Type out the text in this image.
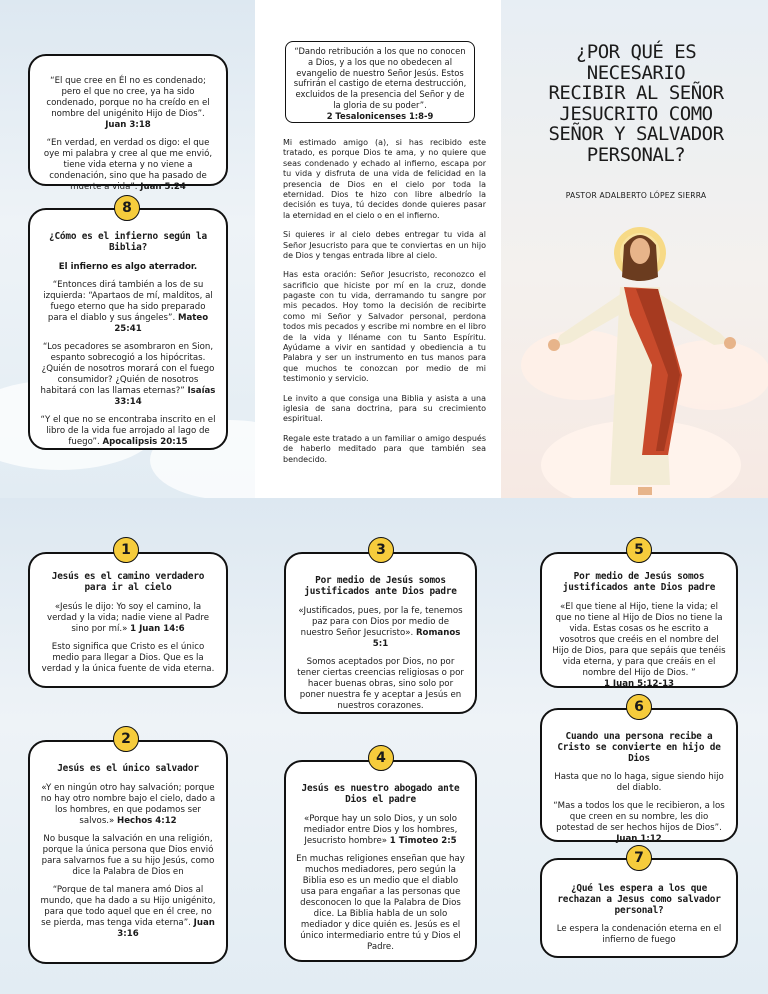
“El que cree en Él no es condenado; pero el que no cree, ya ha sido condenado, porque no ha creído en el nombre del unigénito Hijo de Dios”. Juan 3:18

“En verdad, en verdad os digo: el que oye mi palabra y cree al que me envió, tiene vida eterna y no viene a condenación, sino que ha pasado de muerte a vida”. Juan 5:24

8
¿Cómo es el infierno según la Biblia?

El infierno es algo aterrador.

“Entonces dirá también a los de su izquierda: “Apartaos de mí, malditos, al fuego eterno que ha sido preparado para el diablo y sus ángeles”. Mateo 25:41

“Los pecadores se asombraron en Sion, espanto sobrecogió a los hipócritas. ¿Quién de nosotros morará con el fuego consumidor? ¿Quién de nosotros habitará con las llamas eternas?” Isaías 33:14

“Y el que no se encontraba inscrito en el libro de la vida fue arrojado al lago de fuego”. Apocalipsis 20:15

“Dando retribución a los que no conocen a Dios, y a los que no obedecen al evangelio de nuestro Señor Jesús. Estos sufrirán el castigo de eterna destrucción, excluidos de la presencia del Señor y de la gloria de su poder”.
2 Tesalonicenses 1:8-9

Mi estimado amigo (a), si has recibido este tratado, es porque Dios te ama, y no quiere que seas condenado y echado al infierno, escapa por tu vida y disfruta de una vida de felicidad en la presencia de Dios en el cielo por toda la eternidad. Dios te hizo con libre albedrío la decisión es tuya, tú decides donde quieres pasar la eternidad en el cielo o en el infierno.

Si quieres ir al cielo debes entregar tu vida al Señor Jesucristo para que te conviertas en un hijo de Dios y tengas entrada libre al cielo.

Has esta oración: Señor Jesucristo, reconozco el sacrificio que hiciste por mí en la cruz, donde pagaste con tu vida, derramando tu sangre por mis pecados. Hoy tomo la decisión de recibirte como mi Señor y Salvador personal, perdona todos mis pecados y escribe mi nombre en el libro de la vida y lléname con tu Santo Espíritu. Ayúdame a vivir en santidad y obediencia a tu Palabra y ser un instrumento en tus manos para que muchos te conozcan por medio de mi testimonio y servicio.

Le invito a que consiga una Biblia y asista a una iglesia de sana doctrina, para su crecimiento espiritual.

Regale este tratado a un familiar o amigo después de haberlo meditado para que también sea bendecido.

¿POR QUÉ ES NECESARIO RECIBIR AL SEÑOR JESUCRITO COMO SEÑOR Y SALVADOR PERSONAL?
PASTOR ADALBERTO LÓPEZ SIERRA
1
Jesús es el camino verdadero para ir al cielo

«Jesús le dijo: Yo soy el camino, la verdad y la vida; nadie viene al Padre sino por mí.» 1 Juan 14:6

Esto significa que Cristo es el único medio para llegar a Dios. Que es la verdad y la única fuente de vida eterna.

2
Jesús es el único salvador

«Y en ningún otro hay salvación; porque no hay otro nombre bajo el cielo, dado a los hombres, en que podamos ser salvos.» Hechos 4:12

No busque la salvación en una religión, porque la única persona que Dios envió para salvarnos fue a su hijo Jesús, como dice la Palabra de Dios en

“Porque de tal manera amó Dios al mundo, que ha dado a su Hijo unigénito, para que todo aquel que en él cree, no se pierda, mas tenga vida eterna”. Juan 3:16

3
Por medio de Jesús somos justificados ante Dios padre

«Justificados, pues, por la fe, tenemos paz para con Dios por medio de nuestro Señor Jesucristo». Romanos 5:1

Somos aceptados por Dios, no por tener ciertas creencias religiosas o por hacer buenas obras, sino solo por poner nuestra fe y aceptar a Jesús en nuestros corazones.

4
Jesús es nuestro abogado ante Dios el padre

«Porque hay un solo Dios, y un solo mediador entre Dios y los hombres, Jesucristo hombre» 1 Timoteo 2:5

En muchas religiones enseñan que hay muchos mediadores, pero según la Biblia eso es un medio que el diablo usa para engañar a las personas que desconocen lo que la Palabra de Dios dice. La Biblia habla de un solo mediador y dice quién es. Jesús es el único intermediario entre tú y Dios el Padre.

5
Por medio de Jesús somos justificados ante Dios padre

«El que tiene al Hijo, tiene la vida; el que no tiene al Hijo de Dios no tiene la vida. Estas cosas os he escrito a vosotros que creéis en el nombre del Hijo de Dios, para que sepáis que tenéis vida eterna, y para que creáis en el nombre del Hijo de Dios. ”
1 Juan 5:12-13

6
Cuando una persona recibe a Cristo se convierte en hijo de Dios

Hasta que no lo haga, sigue siendo hijo del diablo.

“Mas a todos los que le recibieron, a los que creen en su nombre, les dio potestad de ser hechos hijos de Dios”. Juan 1:12

7
¿Qué les espera a los que rechazan a Jesus como salvador personal?

Le espera la condenación eterna en el infierno de fuego
